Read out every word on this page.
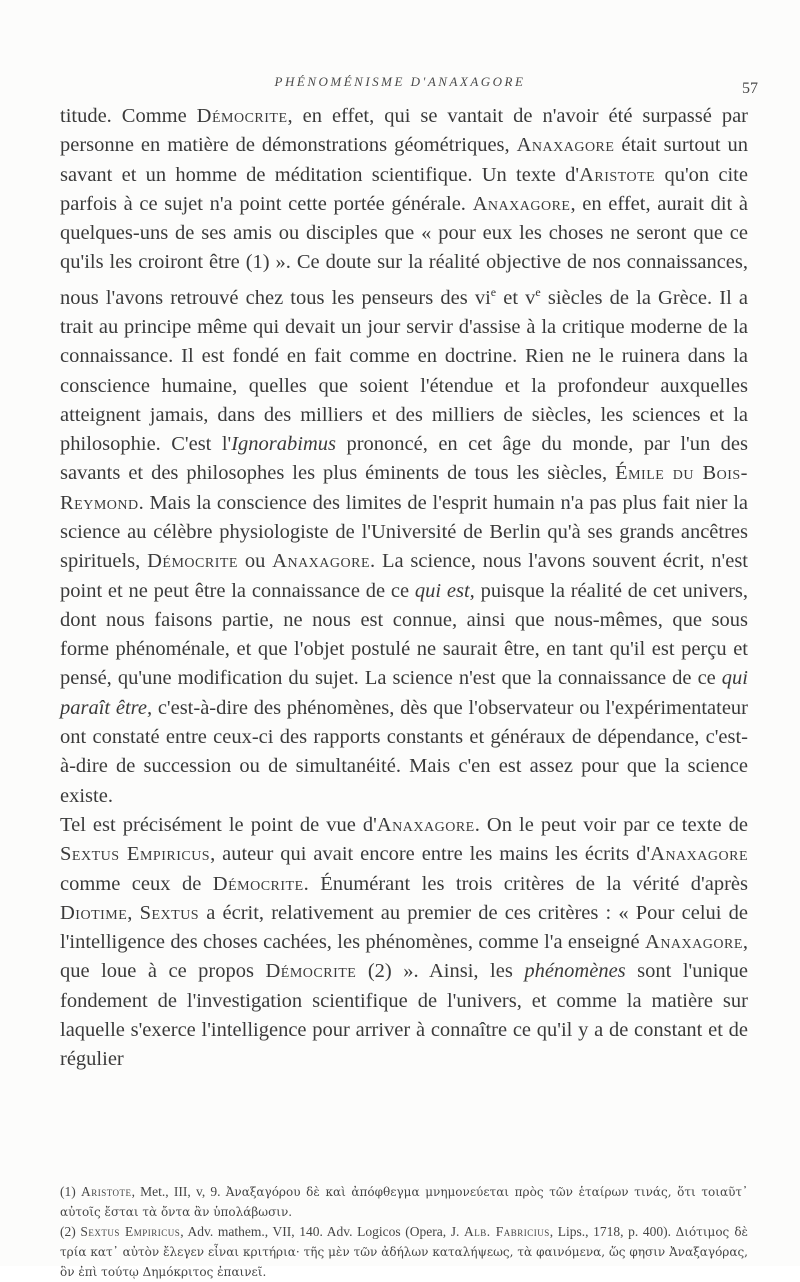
PHÉNOMÉNISME D'ANAXAGORE	57

titude. Comme Démocrite, en effet, qui se vantait de n'avoir été surpassé par personne en matière de démonstrations géométriques, Anaxagore était surtout un savant et un homme de méditation scientifique. Un texte d'Aristote qu'on cite parfois à ce sujet n'a point cette portée générale. Anaxagore, en effet, aurait dit à quelques-uns de ses amis ou disciples que « pour eux les choses ne seront que ce qu'ils les croiront être (1) ». Ce doute sur la réalité objective de nos connaissances, nous l'avons retrouvé chez tous les penseurs des $vi^e$ et $v^e$ siècles de la Grèce. Il a trait au principe même qui devait un jour servir d'assise à la critique moderne de la connaissance. Il est fondé en fait comme en doctrine. Rien ne le ruinera dans la conscience humaine, quelles que soient l'étendue et la profondeur auxquelles atteignent jamais, dans des milliers et des milliers de siècles, les sciences et la philosophie. C'est l'Ignorabimus prononcé, en cet âge du monde, par l'un des savants et des philosophes les plus éminents de tous les siècles, Émile du Bois-Reymond. Mais la conscience des limites de l'esprit humain n'a pas plus fait nier la science au célèbre physiologiste de l'Université de Berlin qu'à ses grands ancêtres spirituels, Démocrite ou Anaxagore. La science, nous l'avons souvent écrit, n'est point et ne peut être la connaissance de ce qui est, puisque la réalité de cet univers, dont nous faisons partie, ne nous est connue, ainsi que nous-mêmes, que sous forme phénoménale, et que l'objet postulé ne saurait être, en tant qu'il est perçu et pensé, qu'une modification du sujet. La science n'est que la connaissance de ce qui paraît être, c'est-à-dire des phénomènes, dès que l'observateur ou l'expérimentateur ont constaté entre ceux-ci des rapports constants et généraux de dépendance, c'est-à-dire de succession ou de simultanéité. Mais c'en est assez pour que la science existe.

Tel est précisément le point de vue d'Anaxagore. On le peut voir par ce texte de Sextus Empiricus, auteur qui avait encore entre les mains les écrits d'Anaxagore comme ceux de Démocrite. Énumérant les trois critères de la vérité d'après Diotime, Sextus a écrit, relativement au premier de ces critères : « Pour celui de l'intelligence des choses cachées, les phénomènes, comme l'a enseigné Anaxagore, que loue à ce propos Démocrite (2) ». Ainsi, les phénomènes sont l'unique fondement de l'investigation scientifique de l'univers, et comme la matière sur laquelle s'exerce l'intelligence pour arriver à connaître ce qu'il y a de constant et de régulier

(1) Aristote, Met., III, v, 9. Ἀναξαγόρου δὲ καὶ ἀπόφθεγμα μνημονεύεται πρὸς τῶν ἑταίρων τινάς, ὅτι τοιαῦτ᾽ αὐτοῖς ἔσται τὰ ὄντα ἂν ὑπολάβωσιν.

(2) Sextus Empiricus, Adv. mathem., VII, 140. Adv. Logicos (Opera, J. Alb. Fabricius, Lips., 1718, p. 400). Διότιμος δὲ τρία κατ᾽ αὐτὸν ἔλεγεν εἶναι κριτήρια· τῆς μὲν τῶν ἀδήλων καταλήψεως, τὰ φαινόμενα, ὥς φησιν Ἀναξαγόρας, ὃν ἐπὶ τούτῳ Δημόκριτος ἐπαινεῖ.
